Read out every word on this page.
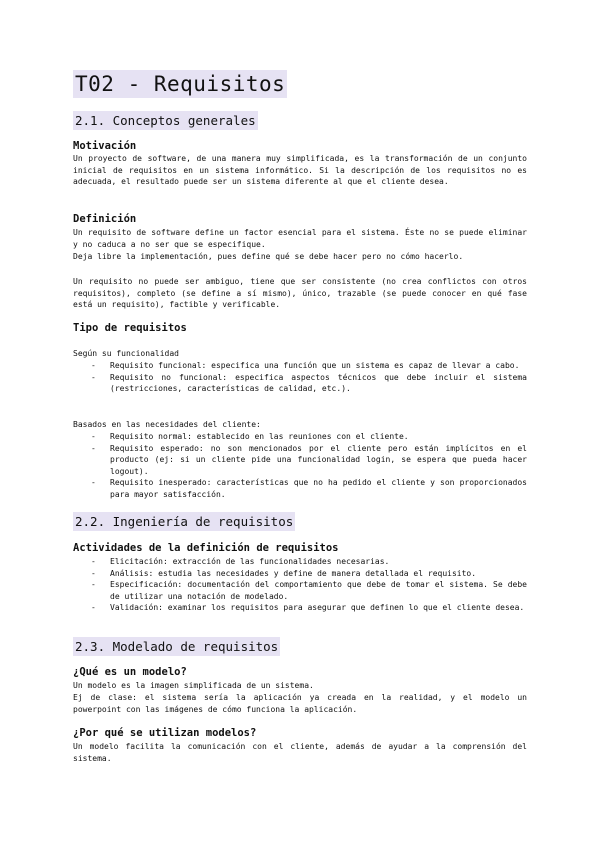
T02 - Requisitos
2.1. Conceptos generales
Motivación

Un proyecto de software, de una manera muy simplificada, es la transformación de un conjunto inicial de requisitos en un sistema informático. Si la descripción de los requisitos no es adecuada, el resultado puede ser un sistema diferente al que el cliente desea.

Definición

Un requisito de software define un factor esencial para el sistema. Éste no se puede eliminar y no caduca a no ser que se especifique.

Deja libre la implementación, pues define qué se debe hacer pero no cómo hacerlo.

Un requisito no puede ser ambiguo, tiene que ser consistente (no crea conflictos con otros requisitos), completo (se define a sí mismo), único, trazable (se puede conocer en qué fase está un requisito), factible y verificable.

Tipo de requisitos

Según su funcionalidad

- Requisito funcional: especifica una función que un sistema es capaz de llevar a cabo.
- Requisito no funcional: especifica aspectos técnicos que debe incluir el sistema (restricciones, características de calidad, etc.).

Basados en las necesidades del cliente:

- Requisito normal: establecido en las reuniones con el cliente.
- Requisito esperado: no son mencionados por el cliente pero están implícitos en el producto (ej: si un cliente pide una funcionalidad login, se espera que pueda hacer logout).
- Requisito inesperado: características que no ha pedido el cliente y son proporcionados para mayor satisfacción.
2.2. Ingeniería de requisitos
Actividades de la definición de requisitos
- Elicitación: extracción de las funcionalidades necesarias.
- Análisis: estudia las necesidades y define de manera detallada el requisito.
- Especificación: documentación del comportamiento que debe de tomar el sistema. Se debe de utilizar una notación de modelado.
- Validación: examinar los requisitos para asegurar que definen lo que el cliente desea.
2.3. Modelado de requisitos
¿Qué es un modelo?

Un modelo es la imagen simplificada de un sistema.

Ej de clase: el sistema sería la aplicación ya creada en la realidad, y el modelo un powerpoint con las imágenes de cómo funciona la aplicación.

¿Por qué se utilizan modelos?

Un modelo facilita la comunicación con el cliente, además de ayudar a la comprensión del sistema.
